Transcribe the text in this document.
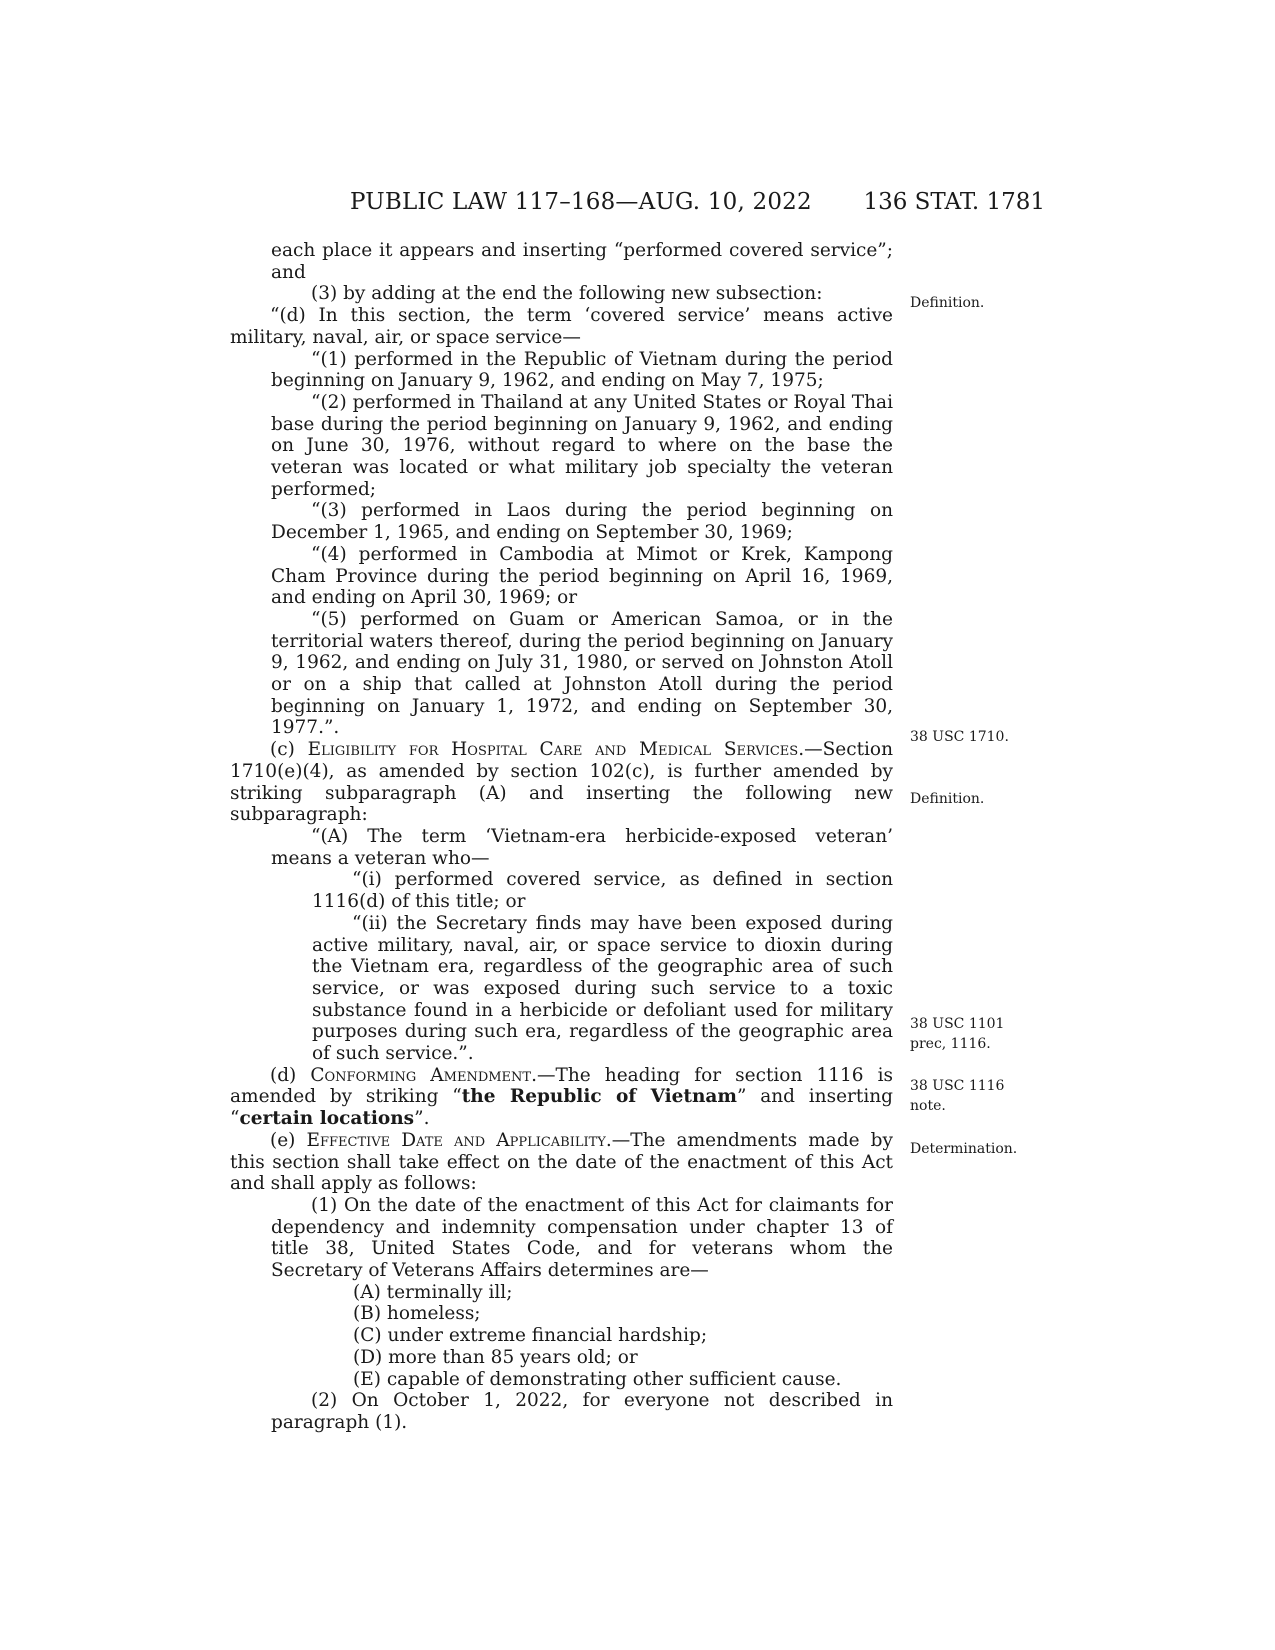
PUBLIC LAW 117–168—AUG. 10, 2022 136 STAT. 1781

each place it appears and inserting “performed covered service”; and

(3) by adding at the end the following new subsection:

“(d) In this section, the term ‘covered service’ means active military, naval, air, or space service—

“(1) performed in the Republic of Vietnam during the period beginning on January 9, 1962, and ending on May 7, 1975;

“(2) performed in Thailand at any United States or Royal Thai base during the period beginning on January 9, 1962, and ending on June 30, 1976, without regard to where on the base the veteran was located or what military job specialty the veteran performed;

“(3) performed in Laos during the period beginning on December 1, 1965, and ending on September 30, 1969;

“(4) performed in Cambodia at Mimot or Krek, Kampong Cham Province during the period beginning on April 16, 1969, and ending on April 30, 1969; or

“(5) performed on Guam or American Samoa, or in the territorial waters thereof, during the period beginning on January 9, 1962, and ending on July 31, 1980, or served on Johnston Atoll or on a ship that called at Johnston Atoll during the period beginning on January 1, 1972, and ending on September 30, 1977.”.

(c) Eligibility for Hospital Care and Medical Services.—Section 1710(e)(4), as amended by section 102(c), is further amended by striking subparagraph (A) and inserting the following new subparagraph:

“(A) The term ‘Vietnam-era herbicide-exposed veteran’ means a veteran who—

“(i) performed covered service, as defined in section 1116(d) of this title; or

“(ii) the Secretary finds may have been exposed during active military, naval, air, or space service to dioxin during the Vietnam era, regardless of the geographic area of such service, or was exposed during such service to a toxic substance found in a herbicide or defoliant used for military purposes during such era, regardless of the geographic area of such service.”.

(d) Conforming Amendment.—The heading for section 1116 is amended by striking “the Republic of Vietnam” and inserting “certain locations”.

(e) Effective Date and Applicability.—The amendments made by this section shall take effect on the date of the enactment of this Act and shall apply as follows:

(1) On the date of the enactment of this Act for claimants for dependency and indemnity compensation under chapter 13 of title 38, United States Code, and for veterans whom the Secretary of Veterans Affairs determines are—

(A) terminally ill;

(B) homeless;

(C) under extreme financial hardship;

(D) more than 85 years old; or

(E) capable of demonstrating other sufficient cause.

(2) On October 1, 2022, for everyone not described in paragraph (1).

Definition.
38 USC 1710.
Definition.
38 USC 1101
prec, 1116.
38 USC 1116
note.
Determination.
